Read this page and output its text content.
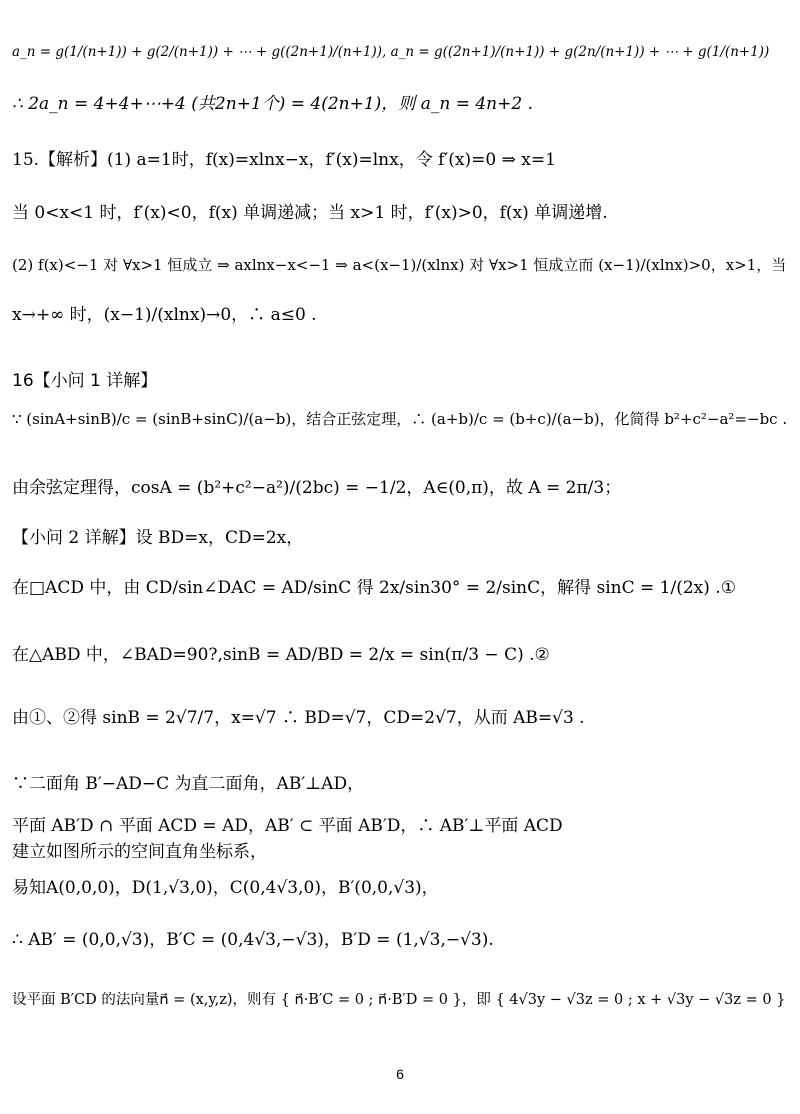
a_n = g(1/(n+1)) + g(2/(n+1)) + ⋯ + g((2n+1)/(n+1)), a_n = g((2n+1)/(n+1)) + g(2n/(n+1)) + ⋯ + g(1/(n+1))
∴ 2a_n = 4+4+⋯+4 (共2n+1个) = 4(2n+1)，则 a_n = 4n+2 .
15.【解析】(1) a=1时，f(x)=xlnx−x，f′(x)=lnx，令 f′(x)=0 ⇒ x=1
当 0<x<1 时，f′(x)<0，f(x) 单调递减；当 x>1 时，f′(x)>0，f(x) 单调递增.
(2) f(x)<−1 对 ∀x>1 恒成立 ⇒ axlnx−x<−1 ⇒ a<(x−1)/(xlnx) 对 ∀x>1 恒成立而 (x−1)/(xlnx)>0，x>1，当
x→+∞ 时，(x−1)/(xlnx)→0，∴ a≤0 .
16【小问 1 详解】
∵ (sinA+sinB)/c = (sinB+sinC)/(a−b)，结合正弦定理，∴ (a+b)/c = (b+c)/(a−b)，化简得 b²+c²−a²=−bc .
由余弦定理得，cosA = (b²+c²−a²)/(2bc) = −1/2，A∈(0,π)，故 A = 2π/3；
【小问 2 详解】设 BD=x，CD=2x，
在□ACD 中，由 CD/sin∠DAC = AD/sinC 得 2x/sin30° = 2/sinC，解得 sinC = 1/(2x) .①
在△ABD 中，∠BAD=90?,sinB = AD/BD = 2/x = sin(π/3 − C) .②
由①、②得 sinB = 2√7/7，x=√7 ∴ BD=√7，CD=2√7，从而 AB=√3 .
∵二面角 B′−AD−C 为直二面角，AB′⊥AD，
平面 AB′D ∩ 平面 ACD = AD，AB′ ⊂ 平面 AB′D，∴ AB′⊥平面 ACD
建立如图所示的空间直角坐标系，
易知A(0,0,0)，D(1,√3,0)，C(0,4√3,0)，B′(0,0,√3)，
∴ AB′ = (0,0,√3)，B′C = (0,4√3,−√3)，B′D = (1,√3,−√3).
设平面 B′CD 的法向量n⃗ = (x,y,z)，则有 { n⃗·B′C = 0 ; n⃗·B′D = 0 }，即 { 4√3y − √3z = 0 ; x + √3y − √3z = 0 }
6
